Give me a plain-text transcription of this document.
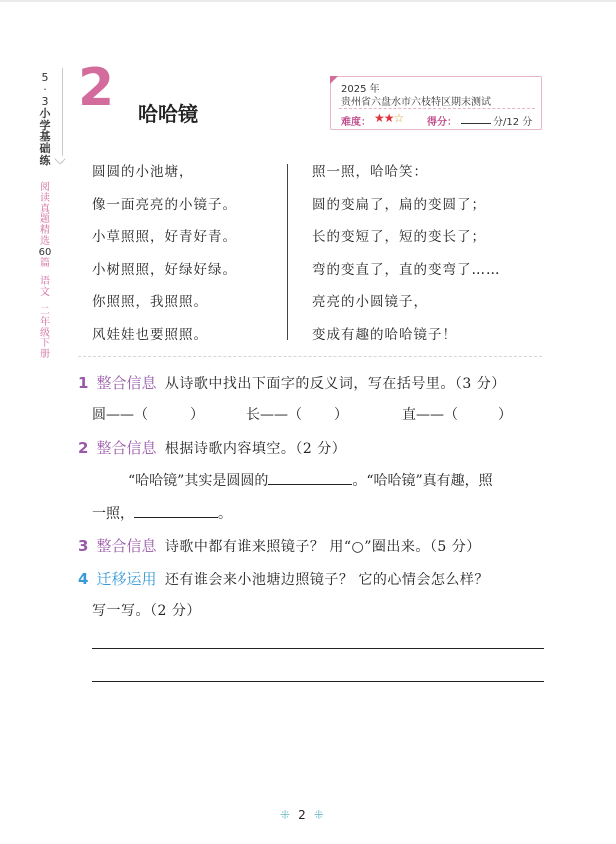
5
·
3
小
学
基
础
练
阅
读
真
题
精
选
60
篇
语
文
二
年
级
下
册
2 哈哈镜
2025 年
贵州省六盘水市六枝特区期末测试
难度： ★★☆ 得分：	分/12 分
圆圆的小池塘，
像一面亮亮的小镜子。
小草照照，好青好青。
小树照照，好绿好绿。
你照照，我照照。
风娃娃也要照照。
照一照，哈哈笑：
圆的变扁了，扁的变圆了；
长的变短了，短的变长了；
弯的变直了，直的变弯了……
亮亮的小圆镜子，
变成有趣的哈哈镜子！
1 整合信息 从诗歌中找出下面字的反义词，写在括号里。（3 分）
圆——（	）	长——（ ）	直——（	）
2 整合信息 根据诗歌内容填空。（2 分）
“哈哈镜”其实是圆圆的	。“哈哈镜”真有趣，照
一照，	。
3 整合信息 诗歌中都有谁来照镜子？ 用“○”圈出来。（5 分）
4 迁移运用 还有谁会来小池塘边照镜子？ 它的心情会怎么样？
写一写。（2 分）
⁜ 2 ⁜
